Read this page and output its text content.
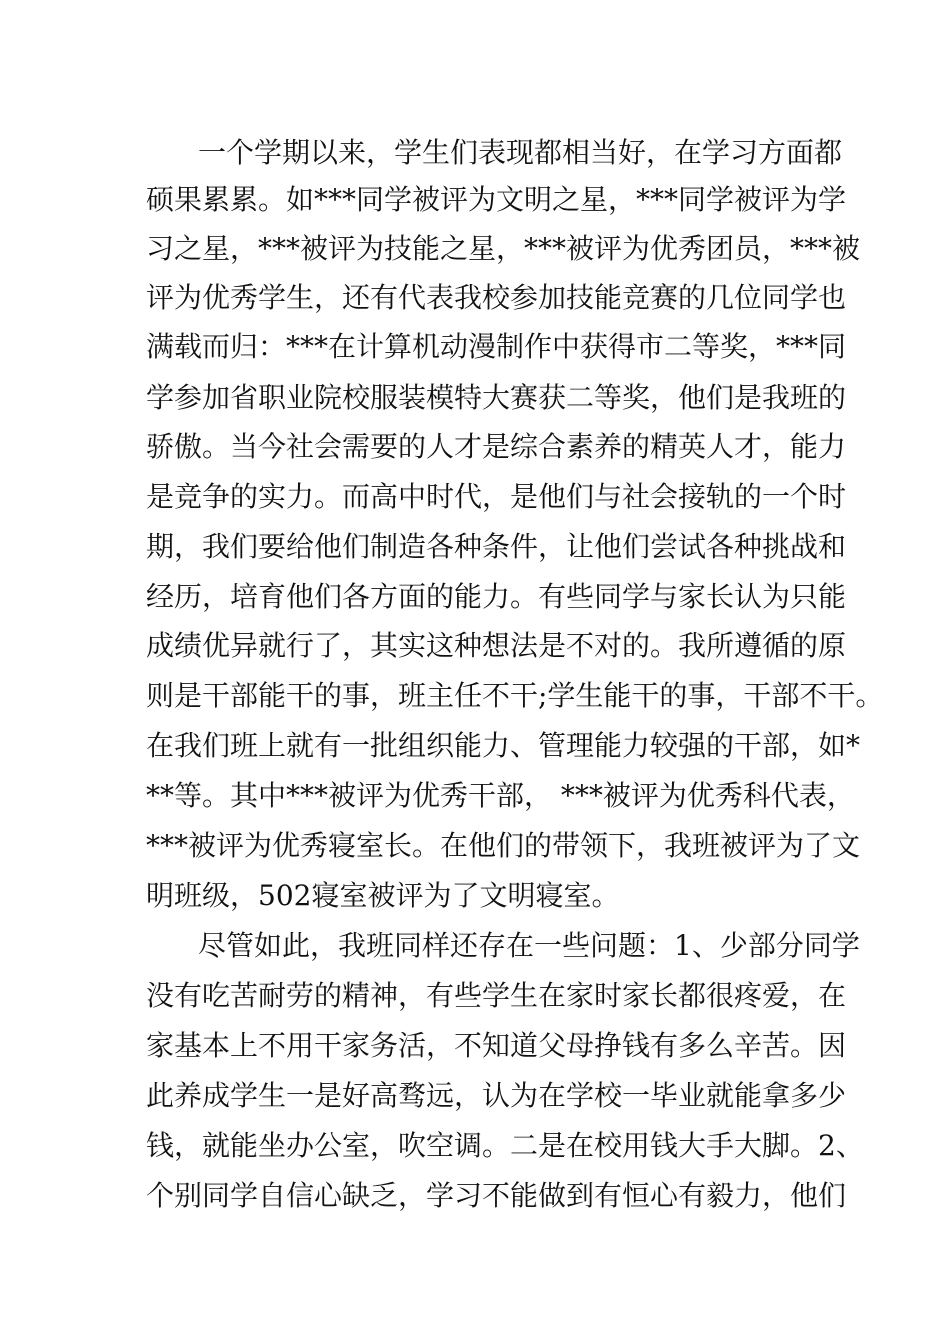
一个学期以来，学生们表现都相当好，在学习方面都
硕果累累。如***同学被评为文明之星，***同学被评为学
习之星，***被评为技能之星，***被评为优秀团员，***被
评为优秀学生，还有代表我校参加技能竞赛的几位同学也
满载而归：***在计算机动漫制作中获得市二等奖，***同
学参加省职业院校服装模特大赛获二等奖，他们是我班的
骄傲。当今社会需要的人才是综合素养的精英人才，能力
是竞争的实力。而高中时代，是他们与社会接轨的一个时
期，我们要给他们制造各种条件，让他们尝试各种挑战和
经历，培育他们各方面的能力。有些同学与家长认为只能
成绩优异就行了，其实这种想法是不对的。我所遵循的原
则是干部能干的事，班主任不干;学生能干的事，干部不干。
在我们班上就有一批组织能力、管理能力较强的干部，如*
**等。其中***被评为优秀干部， ***被评为优秀科代表，
***被评为优秀寝室长。在他们的带领下，我班被评为了文
明班级，502寝室被评为了文明寝室。
尽管如此，我班同样还存在一些问题：1、少部分同学
没有吃苦耐劳的精神，有些学生在家时家长都很疼爱，在
家基本上不用干家务活，不知道父母挣钱有多么辛苦。因
此养成学生一是好高骛远，认为在学校一毕业就能拿多少
钱，就能坐办公室，吹空调。二是在校用钱大手大脚。2、
个别同学自信心缺乏，学习不能做到有恒心有毅力，他们
